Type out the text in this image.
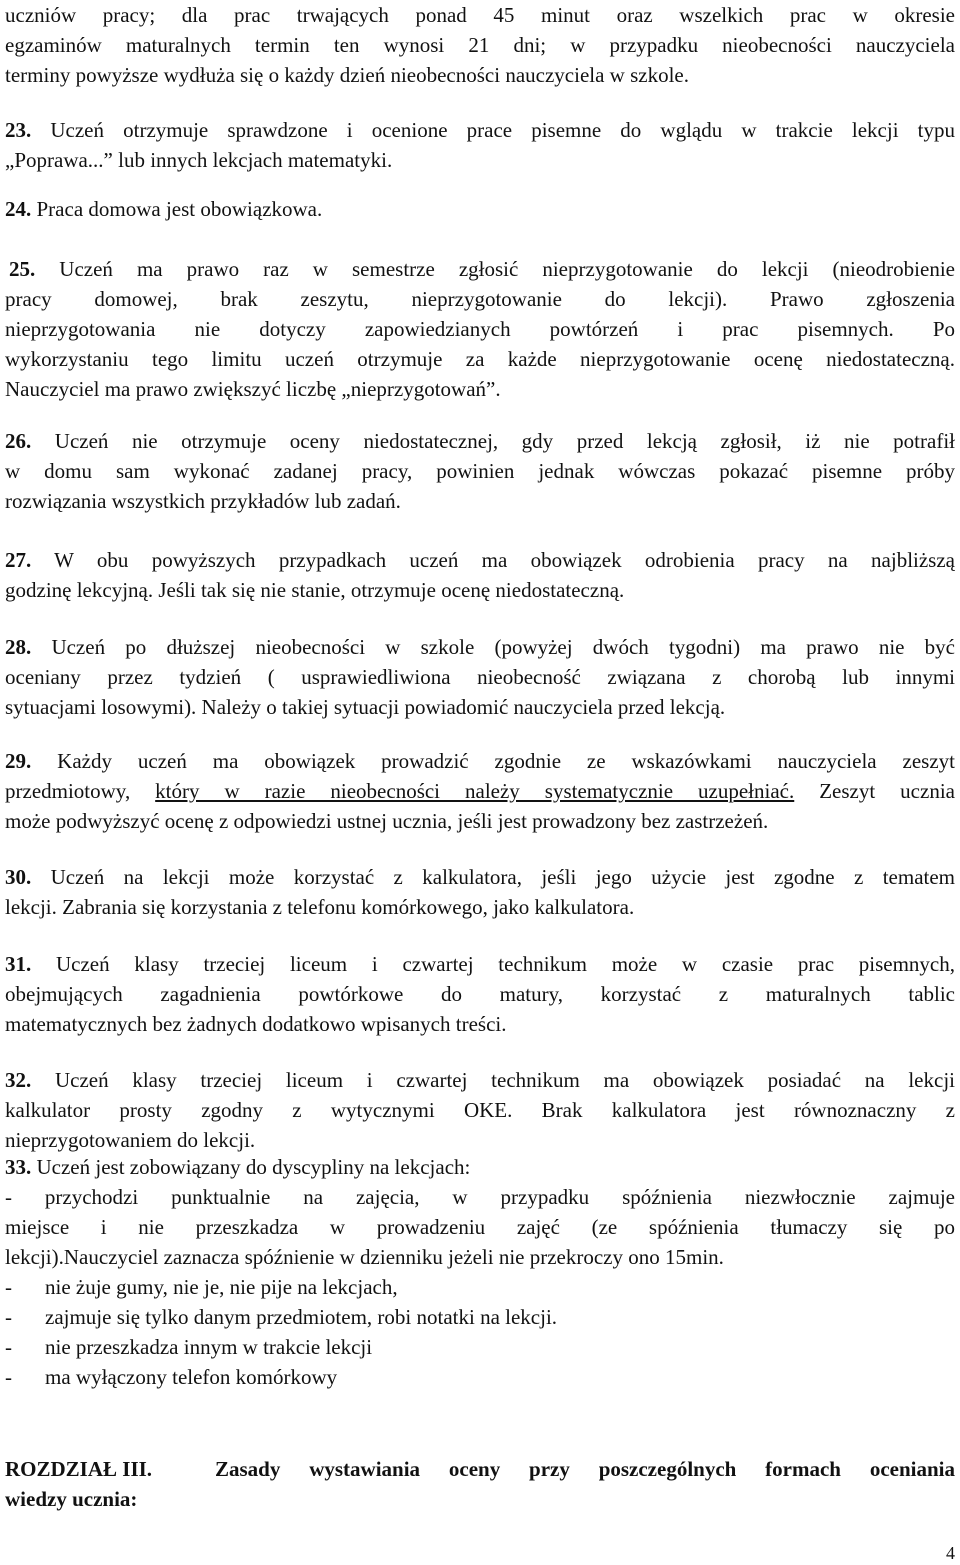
uczniów pracy; dla prac trwających ponad 45 minut oraz wszelkich prac w okresie
egzaminów maturalnych termin ten wynosi 21 dni; w przypadku nieobecności nauczyciela
terminy powyższe wydłuża się o każdy dzień nieobecności nauczyciela w szkole.
23. Uczeń otrzymuje sprawdzone i ocenione prace pisemne do wglądu w trakcie lekcji typu
„Poprawa...” lub innych lekcjach matematyki.
24. Praca domowa jest obowiązkowa.
25. Uczeń ma prawo raz w semestrze zgłosić nieprzygotowanie do lekcji (nieodrobienie
pracy domowej, brak zeszytu, nieprzygotowanie do lekcji). Prawo zgłoszenia
nieprzygotowania nie dotyczy zapowiedzianych powtórzeń i prac pisemnych. Po
wykorzystaniu tego limitu uczeń otrzymuje za każde nieprzygotowanie ocenę niedostateczną.
Nauczyciel ma prawo zwiększyć liczbę „nieprzygotowań”.
26. Uczeń nie otrzymuje oceny niedostatecznej, gdy przed lekcją zgłosił, iż nie potrafił
w domu sam wykonać zadanej pracy, powinien jednak wówczas pokazać pisemne próby
rozwiązania wszystkich przykładów lub zadań.
27. W obu powyższych przypadkach uczeń ma obowiązek odrobienia pracy na najbliższą
godzinę lekcyjną. Jeśli tak się nie stanie, otrzymuje ocenę niedostateczną.
28. Uczeń po dłuższej nieobecności w szkole (powyżej dwóch tygodni) ma prawo nie być
oceniany przez tydzień ( usprawiedliwiona nieobecność związana z chorobą lub innymi
sytuacjami losowymi). Należy o takiej sytuacji powiadomić nauczyciela przed lekcją.
29. Każdy uczeń ma obowiązek prowadzić zgodnie ze wskazówkami nauczyciela zeszyt
przedmiotowy, który w razie nieobecności należy systematycznie uzupełniać. Zeszyt ucznia
może podwyższyć ocenę z odpowiedzi ustnej ucznia, jeśli jest prowadzony bez zastrzeżeń.
30. Uczeń na lekcji może korzystać z kalkulatora, jeśli jego użycie jest zgodne z tematem
lekcji. Zabrania się korzystania z telefonu komórkowego, jako kalkulatora.
31. Uczeń klasy trzeciej liceum i czwartej technikum może w czasie prac pisemnych,
obejmujących zagadnienia powtórkowe do matury, korzystać z maturalnych tablic
matematycznych bez żadnych dodatkowo wpisanych treści.
32. Uczeń klasy trzeciej liceum i czwartej technikum ma obowiązek posiadać na lekcji
kalkulator prosty zgodny z wytycznymi OKE. Brak kalkulatora jest równoznaczny z
nieprzygotowaniem do lekcji.
33. Uczeń jest zobowiązany do dyscypliny na lekcjach:
- przychodzi punktualnie na zajęcia, w przypadku spóźnienia niezwłocznie zajmuje
miejsce i nie przeszkadza w prowadzeniu zajęć (ze spóźnienia tłumaczy się po
lekcji).Nauczyciel zaznacza spóźnienie w dzienniku jeżeli nie przekroczy ono 15min.
- nie żuje gumy, nie je, nie pije na lekcjach,
- zajmuje się tylko danym przedmiotem, robi notatki na lekcji.
- nie przeszkadza innym w trakcie lekcji
- ma wyłączony telefon komórkowy
ROZDZIAŁ III.	Zasady wystawiania oceny przy poszczególnych formach oceniania
wiedzy ucznia:
4
